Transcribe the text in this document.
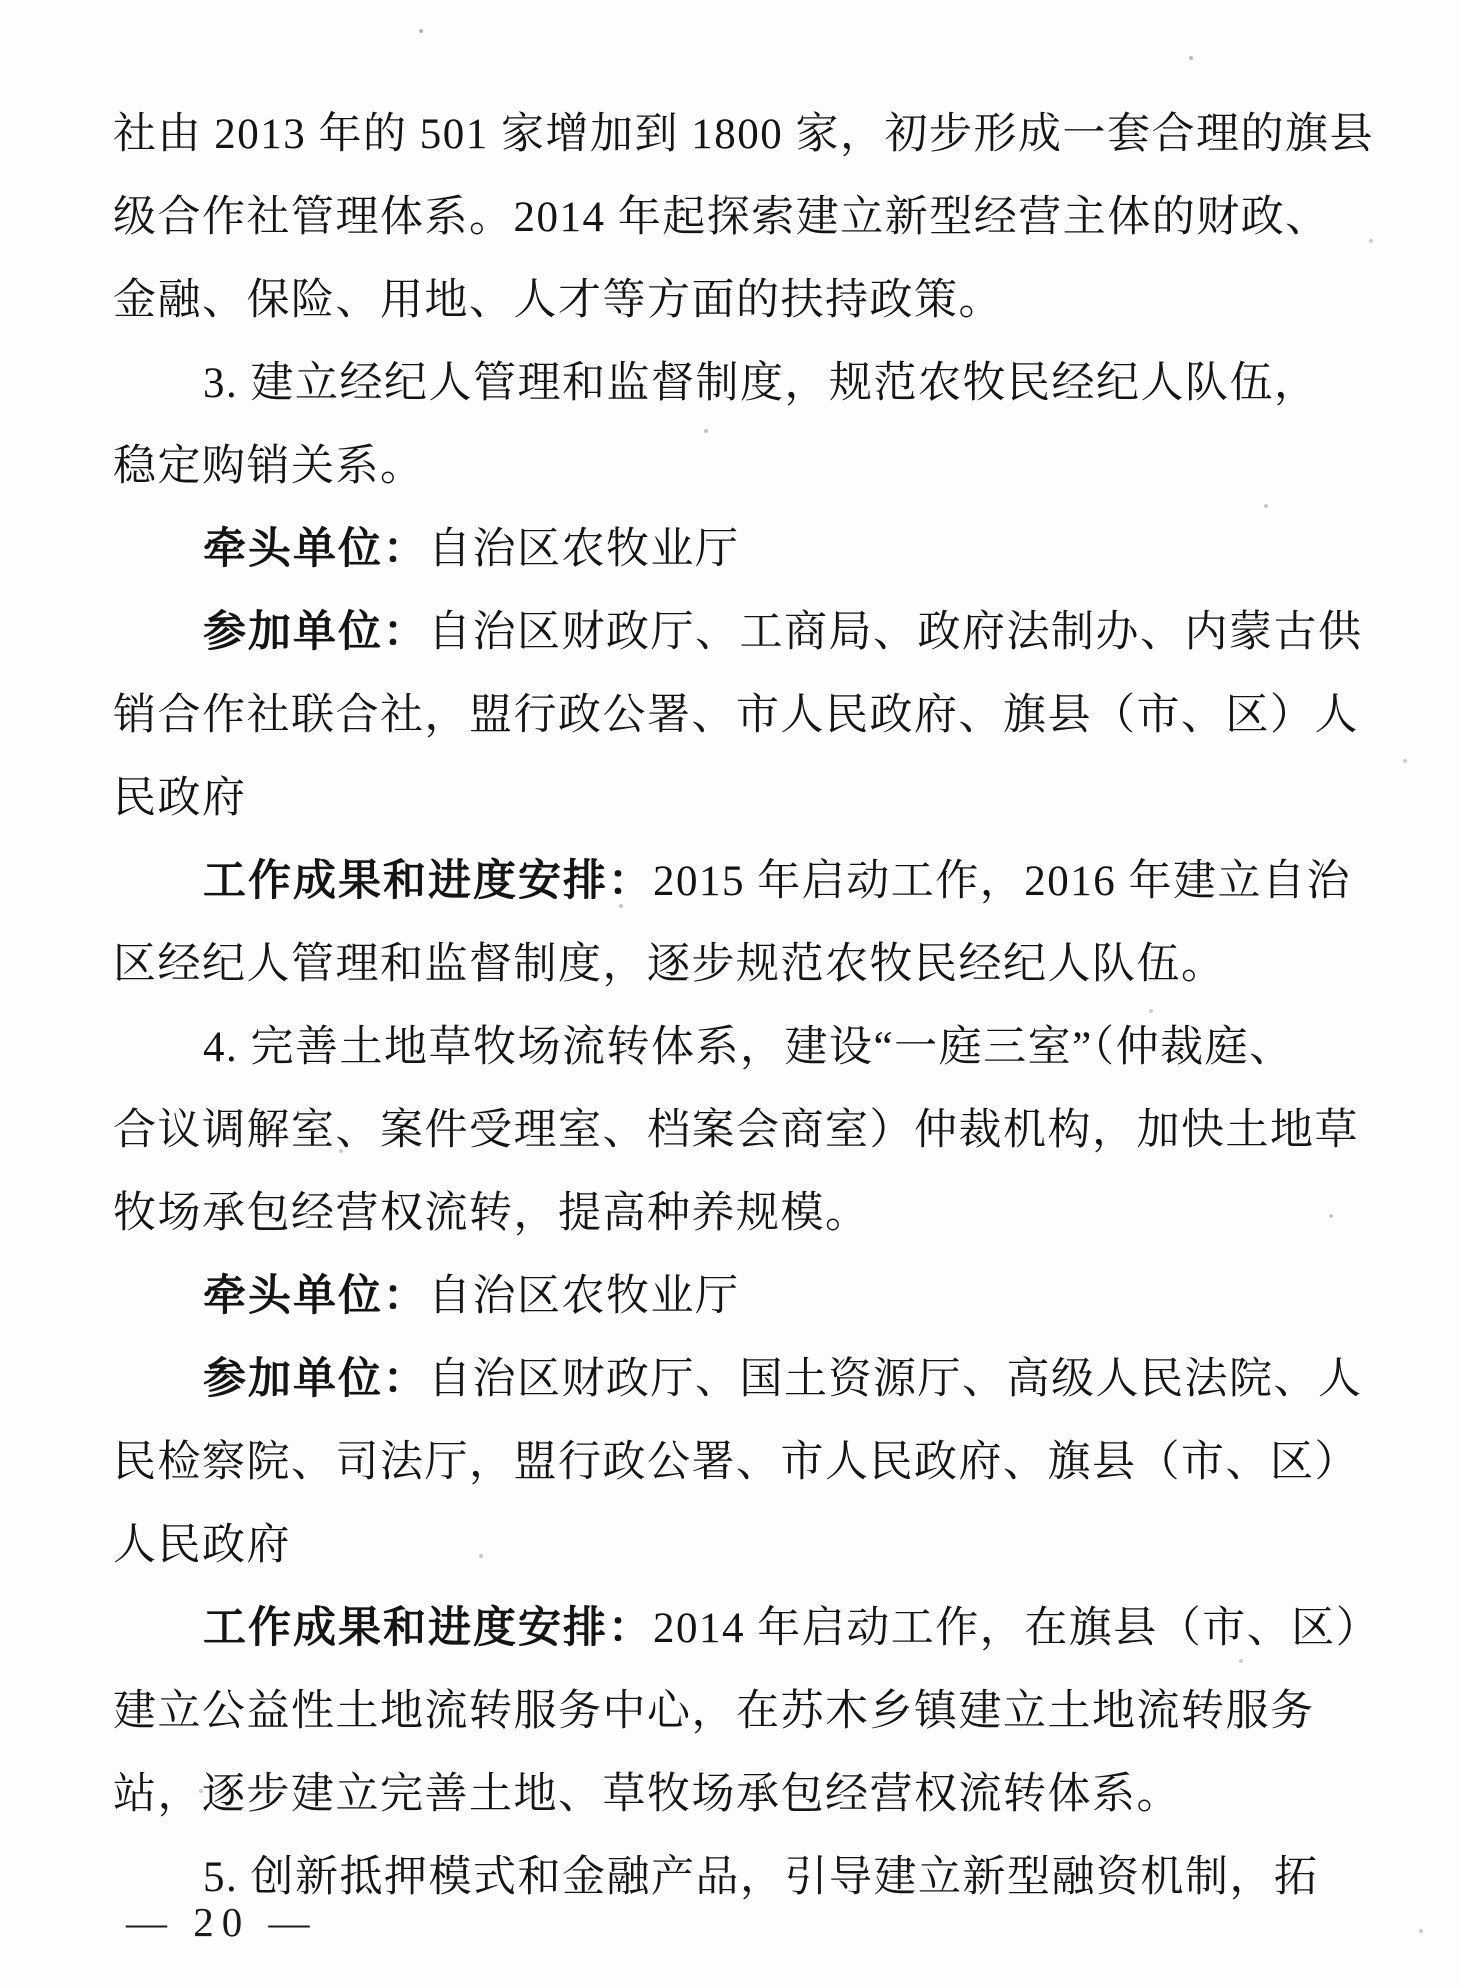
社由 2013 年的 501 家增加到 1800 家，初步形成一套合理的旗县
级合作社管理体系。2014 年起探索建立新型经营主体的财政、
金融、保险、用地、人才等方面的扶持政策。
3. 建立经纪人管理和监督制度，规范农牧民经纪人队伍，
稳定购销关系。
牵头单位：自治区农牧业厅
参加单位：自治区财政厅、工商局、政府法制办、内蒙古供
销合作社联合社，盟行政公署、市人民政府、旗县（市、区）人
民政府
工作成果和进度安排：2015 年启动工作，2016 年建立自治
区经纪人管理和监督制度，逐步规范农牧民经纪人队伍。
4. 完善土地草牧场流转体系，建设“一庭三室”（仲裁庭、
合议调解室、案件受理室、档案会商室）仲裁机构，加快土地草
牧场承包经营权流转，提高种养规模。
牵头单位：自治区农牧业厅
参加单位：自治区财政厅、国土资源厅、高级人民法院、人
民检察院、司法厅，盟行政公署、市人民政府、旗县（市、区）
人民政府
工作成果和进度安排：2014 年启动工作，在旗县（市、区）
建立公益性土地流转服务中心，在苏木乡镇建立土地流转服务
站，逐步建立完善土地、草牧场承包经营权流转体系。
5. 创新抵押模式和金融产品，引导建立新型融资机制，拓
— 20 —
